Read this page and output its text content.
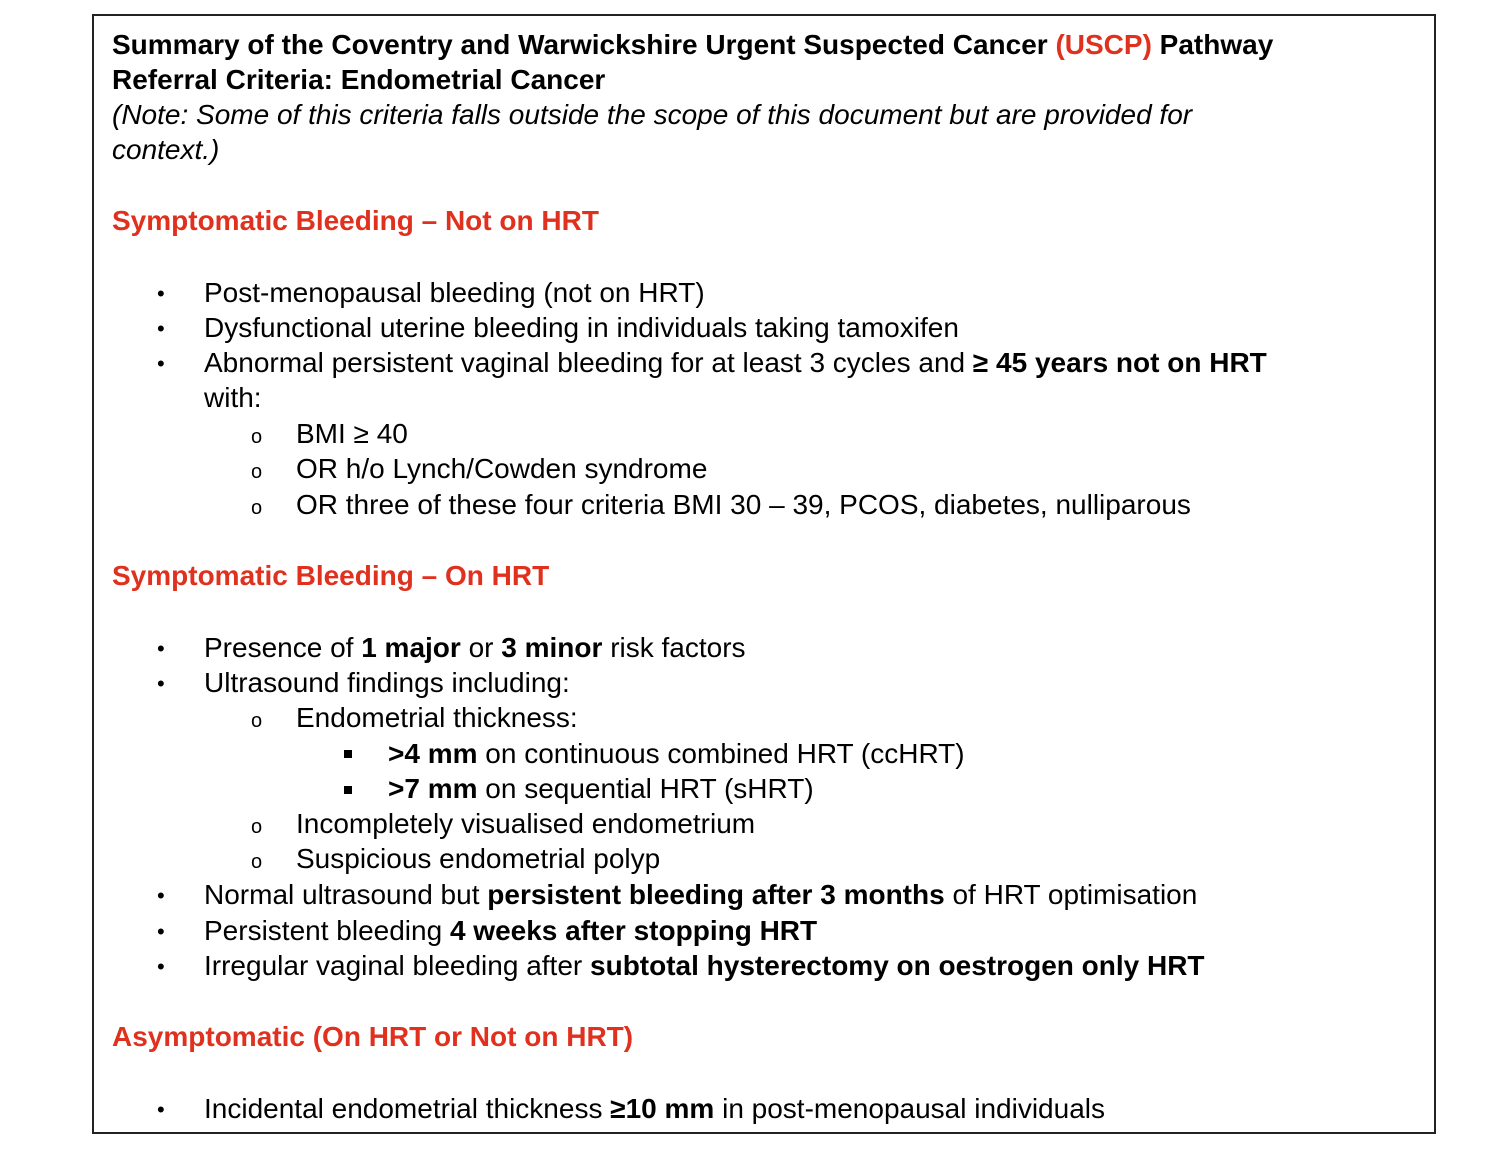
Summary of the Coventry and Warwickshire Urgent Suspected Cancer (USCP) Pathway
Referral Criteria: Endometrial Cancer
(Note: Some of this criteria falls outside the scope of this document but are provided for
context.)
Symptomatic Bleeding – Not on HRT
• Post-menopausal bleeding (not on HRT)
• Dysfunctional uterine bleeding in individuals taking tamoxifen
• Abnormal persistent vaginal bleeding for at least 3 cycles and ≥ 45 years not on HRT
with:
o BMI ≥ 40
o OR h/o Lynch/Cowden syndrome
o OR three of these four criteria BMI 30 – 39, PCOS, diabetes, nulliparous
Symptomatic Bleeding – On HRT
• Presence of 1 major or 3 minor risk factors
• Ultrasound findings including:
o Endometrial thickness:
>4 mm on continuous combined HRT (ccHRT)
>7 mm on sequential HRT (sHRT)
o Incompletely visualised endometrium
o Suspicious endometrial polyp
• Normal ultrasound but persistent bleeding after 3 months of HRT optimisation
• Persistent bleeding 4 weeks after stopping HRT
• Irregular vaginal bleeding after subtotal hysterectomy on oestrogen only HRT
Asymptomatic (On HRT or Not on HRT)
• Incidental endometrial thickness ≥10 mm in post-menopausal individuals
